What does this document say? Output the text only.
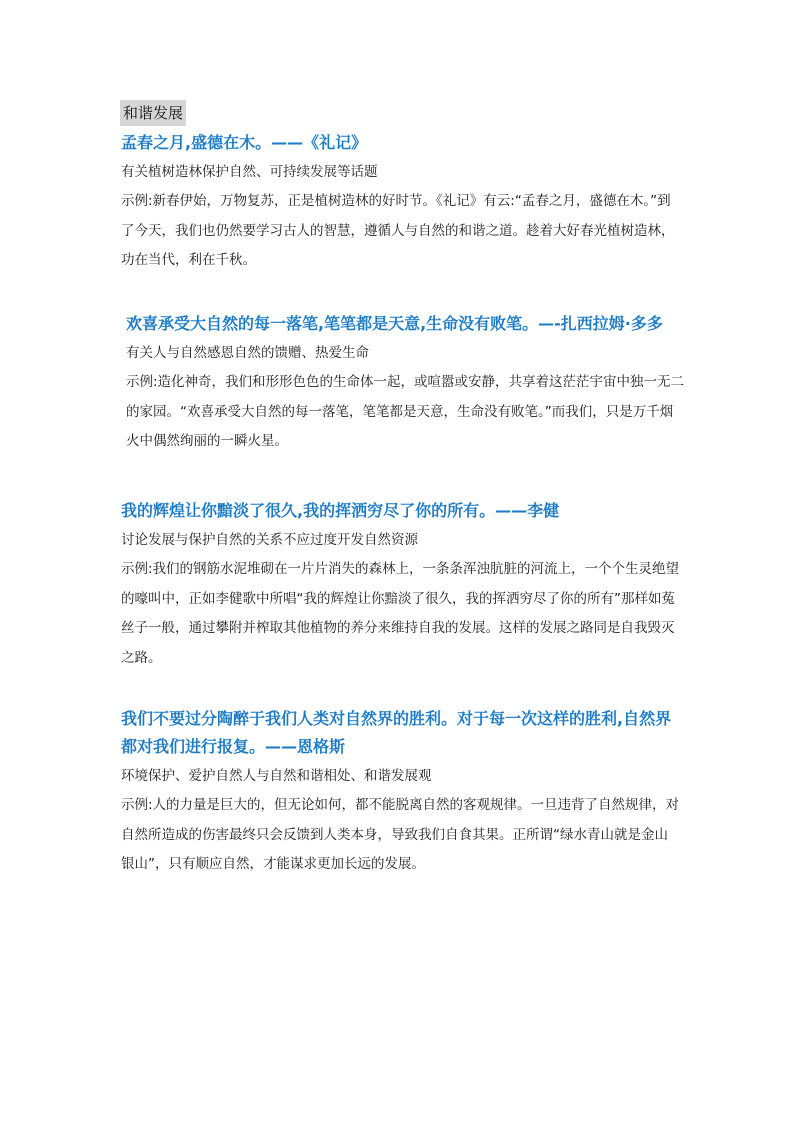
和谐发展

孟春之月,盛德在木。——《礼记》

有关植树造林保护自然、可持续发展等话题

示例:新春伊始，万物复苏，正是植树造林的好时节。《礼记》有云:“孟春之月，盛德在木。”到了今天，我们也仍然要学习古人的智慧，遵循人与自然的和谐之道。趁着大好春光植树造林，功在当代，利在千秋。

欢喜承受大自然的每一落笔,笔笔都是天意,生命没有败笔。—-扎西拉姆·多多

有关人与自然感恩自然的馈赠、热爱生命

示例:造化神奇，我们和形形色色的生命体一起，或喧嚣或安静，共享着这茫茫宇宙中独一无二的家园。“欢喜承受大自然的每一落笔，笔笔都是天意，生命没有败笔。”而我们，只是万千烟火中偶然绚丽的一瞬火星。

我的辉煌让你黯淡了很久,我的挥洒穷尽了你的所有。——李健

讨论发展与保护自然的关系不应过度开发自然资源

示例:我们的钢筋水泥堆砌在一片片消失的森林上，一条条浑浊肮脏的河流上，一个个生灵绝望的嚎叫中，正如李健歌中所唱“我的辉煌让你黯淡了很久，我的挥洒穷尽了你的所有”那样如菟丝子一般，通过攀附并榨取其他植物的养分来维持自我的发展。这样的发展之路同是自我毁灭之路。

我们不要过分陶醉于我们人类对自然界的胜利。对于每一次这样的胜利,自然界都对我们进行报复。——恩格斯

环境保护、爱护自然人与自然和谐相处、和谐发展观

示例:人的力量是巨大的，但无论如何，都不能脱离自然的客观规律。一旦违背了自然规律，对自然所造成的伤害最终只会反馈到人类本身，导致我们自食其果。正所谓“绿水青山就是金山银山”，只有顺应自然，才能谋求更加长远的发展。
